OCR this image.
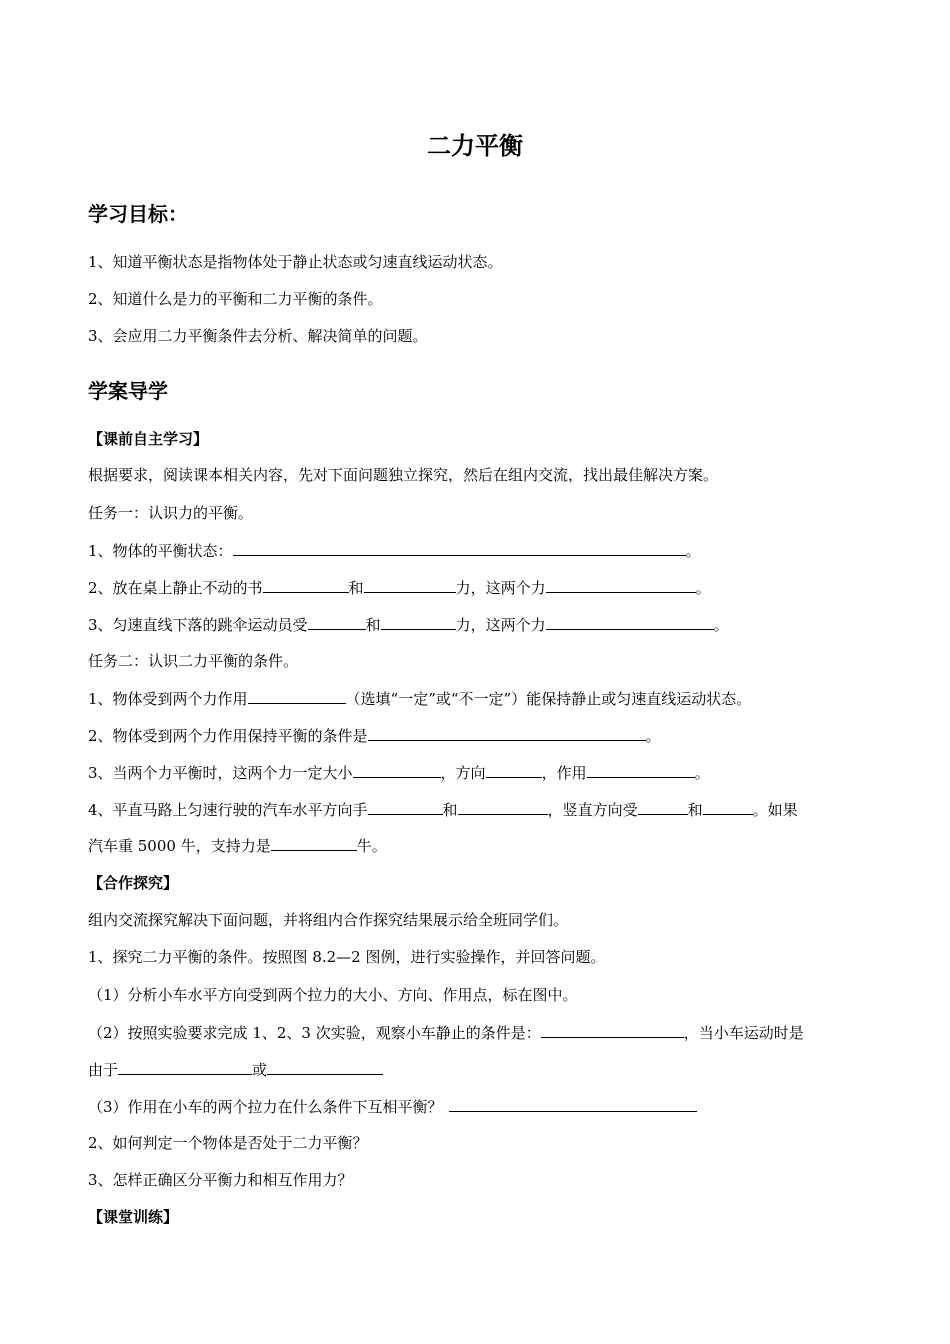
二力平衡
学习目标：
1、知道平衡状态是指物体处于静止状态或匀速直线运动状态。
2、知道什么是力的平衡和二力平衡的条件。
3、会应用二力平衡条件去分析、解决简单的问题。
学案导学
【课前自主学习】
根据要求，阅读课本相关内容，先对下面问题独立探究，然后在组内交流，找出最佳解决方案。
任务一：认识力的平衡。
1、物体的平衡状态：	。
2、放在桌上静止不动的书	和	力，这两个力	。
3、匀速直线下落的跳伞运动员受	和	力，这两个力	。
任务二：认识二力平衡的条件。
1、物体受到两个力作用	（选填“一定”或“不一定”）能保持静止或匀速直线运动状态。
2、物体受到两个力作用保持平衡的条件是	。
3、当两个力平衡时，这两个力一定大小	，方向	，作用	。
4、平直马路上匀速行驶的汽车水平方向手	和	，竖直方向受	和	。如果
汽车重 5000 牛，支持力是	牛。
【合作探究】
组内交流探究解决下面问题，并将组内合作探究结果展示给全班同学们。
1、探究二力平衡的条件。按照图 8.2—2 图例，进行实验操作，并回答问题。
（1）分析小车水平方向受到两个拉力的大小、方向、作用点，标在图中。
（2）按照实验要求完成 1、2、3 次实验，观察小车静止的条件是：	，当小车运动时是
由于	或
（3）作用在小车的两个拉力在什么条件下互相平衡？
2、如何判定一个物体是否处于二力平衡？
3、怎样正确区分平衡力和相互作用力？
【课堂训练】
